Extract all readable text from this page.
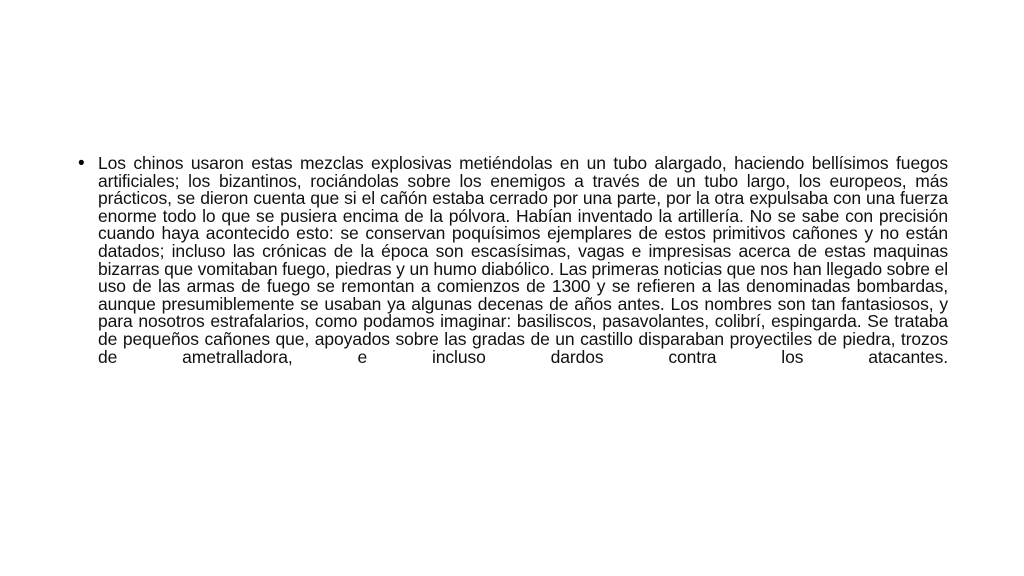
• Los chinos usaron estas mezclas explosivas metiéndolas en un tubo alargado, haciendo bellísimos fuegos artificiales; los bizantinos, rociándolas sobre los enemigos a través de un tubo largo, los europeos, más prácticos, se dieron cuenta que si el cañón estaba cerrado por una parte, por la otra expulsaba con una fuerza enorme todo lo que se pusiera encima de la pólvora. Habían inventado la artillería. No se sabe con precisión cuando haya acontecido esto: se conservan poquísimos ejemplares de estos primitivos cañones y no están datados; incluso las crónicas de la época son escasísimas, vagas e impresisas acerca de estas maquinas bizarras que vomitaban fuego, piedras y un humo diabólico. Las primeras noticias que nos han llegado sobre el uso de las armas de fuego se remontan a comienzos de 1300 y se refieren a las denominadas bombardas, aunque presumiblemente se usaban ya algunas decenas de años antes. Los nombres son tan fantasiosos, y para nosotros estrafalarios, como podamos imaginar: basiliscos, pasavolantes, colibrí, espingarda. Se trataba de pequeños cañones que, apoyados sobre las gradas de un castillo disparaban proyectiles de piedra, trozos de ametralladora, e incluso dardos contra los atacantes.
